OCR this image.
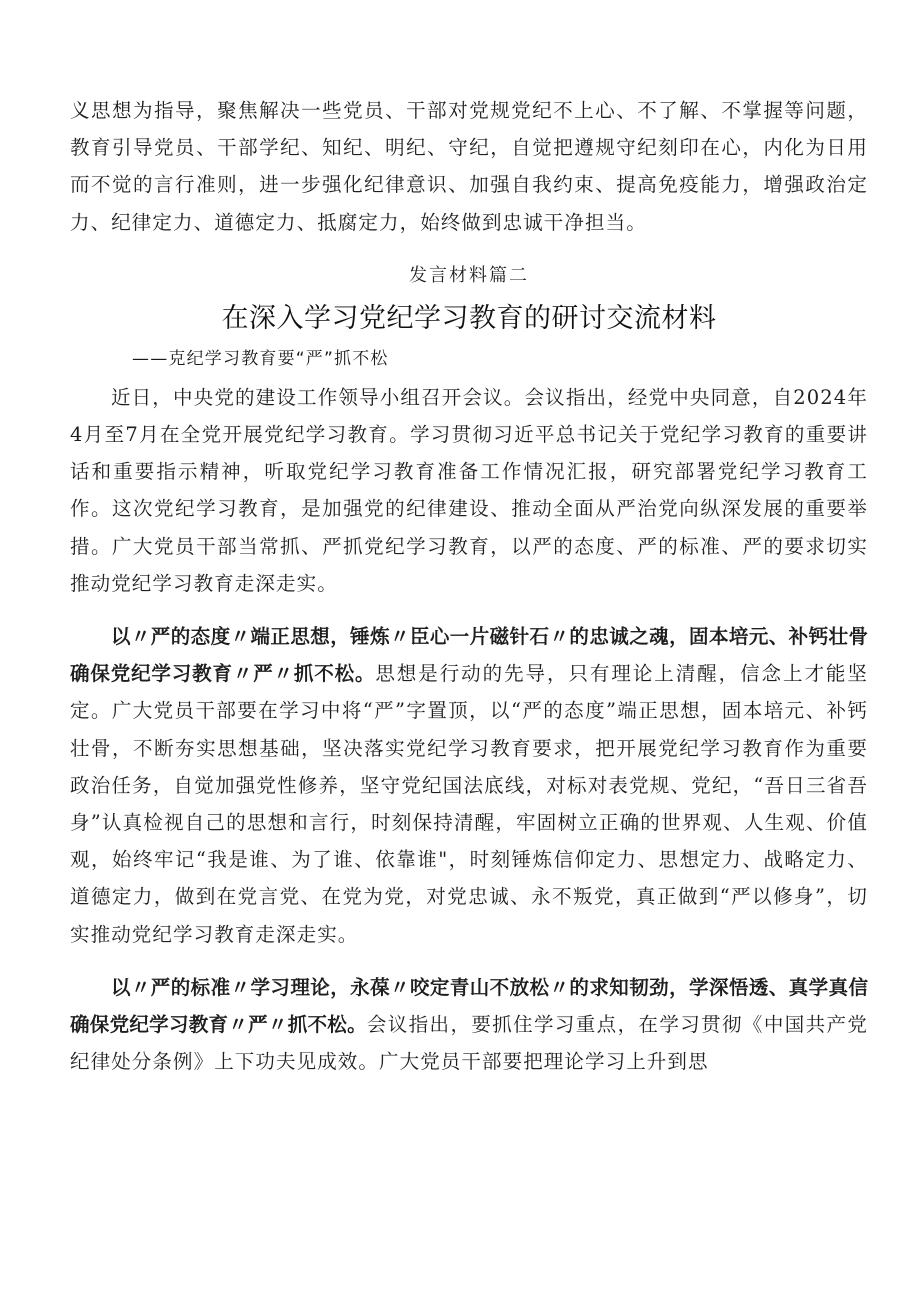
义思想为指导，聚焦解决一些党员、干部对党规党纪不上心、不了解、不掌握等问题，教育引导党员、干部学纪、知纪、明纪、守纪，自觉把遵规守纪刻印在心，内化为日用而不觉的言行准则，进一步强化纪律意识、加强自我约束、提高免疫能力，增强政治定力、纪律定力、道德定力、抵腐定力，始终做到忠诚干净担当。

发言材料篇二
在深入学习党纪学习教育的研讨交流材料
——克纪学习教育要“严”抓不松

近日，中央党的建设工作领导小组召开会议。会议指出，经党中央同意，自2024年4月至7月在全党开展党纪学习教育。学习贯彻习近平总书记关于党纪学习教育的重要讲话和重要指示精神，听取党纪学习教育准备工作情况汇报，研究部署党纪学习教育工作。这次党纪学习教育，是加强党的纪律建设、推动全面从严治党向纵深发展的重要举措。广大党员干部当常抓、严抓党纪学习教育，以严的态度、严的标准、严的要求切实推动党纪学习教育走深走实。

以〃严的态度〃端正思想，锤炼〃臣心一片磁针石〃的忠诚之魂，固本培元、补钙壮骨确保党纪学习教育〃严〃抓不松。思想是行动的先导，只有理论上清醒，信念上才能坚定。广大党员干部要在学习中将“严”字置顶，以“严的态度”端正思想，固本培元、补钙壮骨，不断夯实思想基础，坚决落实党纪学习教育要求，把开展党纪学习教育作为重要政治任务，自觉加强党性修养，坚守党纪国法底线，对标对表党规、党纪，“吾日三省吾身”认真检视自己的思想和言行，时刻保持清醒，牢固树立正确的世界观、人生观、价值观，始终牢记“我是谁、为了谁、依靠谁"，时刻锤炼信仰定力、思想定力、战略定力、道德定力，做到在党言党、在党为党，对党忠诚、永不叛党，真正做到“严以修身”，切实推动党纪学习教育走深走实。

以〃严的标准〃学习理论，永葆〃咬定青山不放松〃的求知韧劲，学深悟透、真学真信确保党纪学习教育〃严〃抓不松。会议指出，要抓住学习重点，在学习贯彻《中国共产党纪律处分条例》上下功夫见成效。广大党员干部要把理论学习上升到思
